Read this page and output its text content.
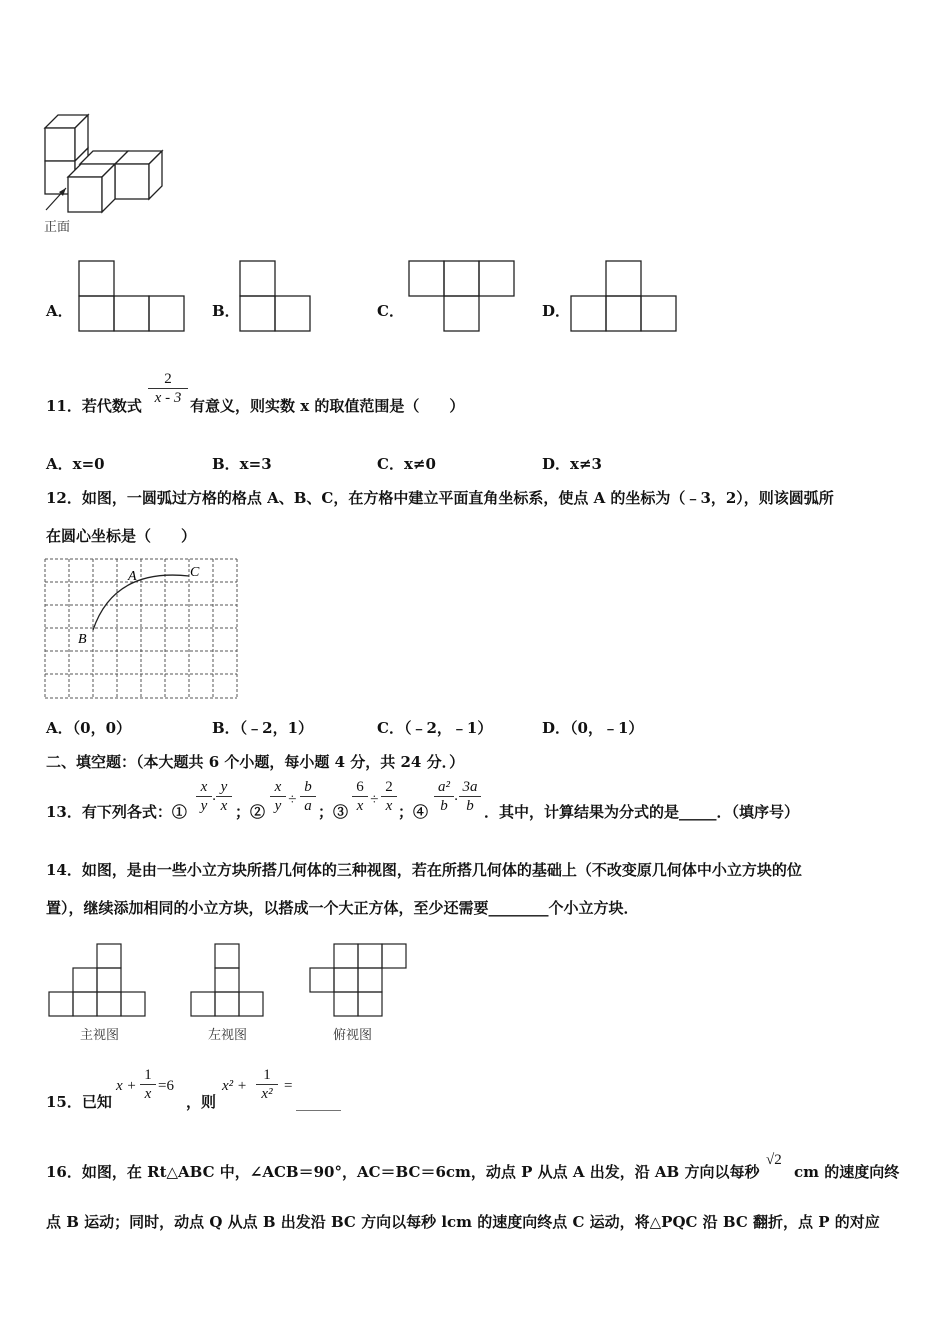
正面
A．	B．	C．	D．
11．若代数式 $\frac{2}{x - 3}$ 有意义，则实数 x 的取值范围是（　　）
A．x=0	B．x=3	C．x≠0	D．x≠3
12．如图，一圆弧过方格的格点 A、B、C，在方格中建立平面直角坐标系，使点 A 的坐标为（﹣3，2），则该圆弧所
在圆心坐标是（　　）
A
B
C
A．（0，0）	B．（﹣2，1）	C．（﹣2，﹣1）	D．（0，﹣1）
二、填空题：（本大题共 6 个小题，每小题 4 分，共 24 分．）
13．有下列各式：① $\frac{x}{y} \cdot \frac{y}{x}$ ；② $\frac{x}{y} \div \frac{b}{a}$ ；③ $\frac{6}{x} \div \frac{2}{x}$ ；④ $\frac{\text{a²}}{b} \cdot \frac{3a}{b}$ ．其中，计算结果为分式的是_____．（填序号）
14．如图，是由一些小立方块所搭几何体的三种视图，若在所搭几何体的基础上（不改变原几何体中小立方块的位
置），继续添加相同的小立方块，以搭成一个大正方体，至少还需要________个小立方块．
主视图	左视图	俯视图
15．已知
$x + \frac{1}{x} =6$
，则
$x^2 + \frac{1}{\text{x²}}$ =
______
16．如图，在 Rt△ABC 中，∠ACB＝90°，AC＝BC＝6cm，动点 P 从点 A 出发，沿 AB 方向以每秒
√2
cm 的速度向终
点 B 运动；同时，动点 Q 从点 B 出发沿 BC 方向以每秒 lcm 的速度向终点 C 运动，将△PQC 沿 BC 翻折，点 P 的对应
